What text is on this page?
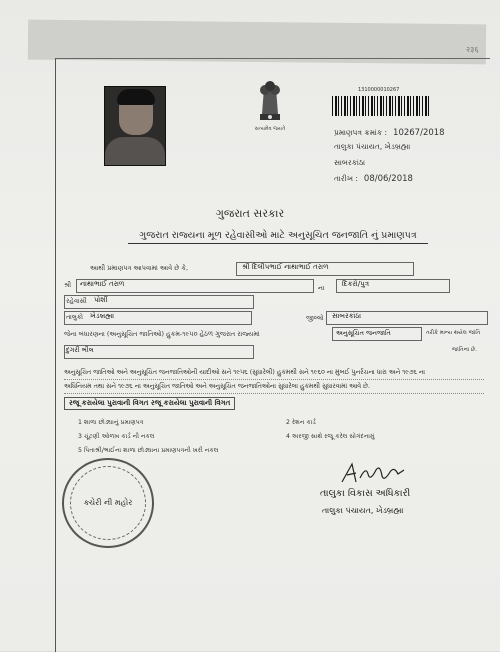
२३६
સત્યમેવ જયતે
1310000010267
પ્રમાણપત્ર ક્રમાંક : 10267/2018
તાલુકા પંચાયત, ખેડબ્રહ્મા
સાબરકાંઠા
તારીખ : 08/06/2018
ગુજરાત સરકાર
ગુજરાત રાજ્યના મૂળ રહેવાસીઓ માટે અનુસૂચિત જનજાતિ નું પ્રમાણપત્ર
આથી પ્રમાણપત્ર આપવામાં આવે છે કે,	શ્રી દિલીપભાઈ નાથાભાઈ તરાળ
શ્રી નાથાભાઈ તરાળ	ના	દિકરો/પુત્ર
રહેવાસી પોશીં
તાલુકો ખેડબ્રહ્મા	જીલ્લો સાબરકાંઠા
જેના બંધારણના (અનુસૂચિત જાતિઓ) હુકમ-૧૯૫૦ હેઠળ ગુજરાત રાજ્યમાં	અનુસૂચિત જનજાતિ	તરીકે માન્ય થયેલ જાતિ
દુંગરી ભીલ	જાતિના છે.
અનુસૂચિત જાતિઓ અને અનુસૂચિત જનજાતિઓની યાદીઓ સને ૧૯૫૬ (સુધારેલી) હુકમથી સને ૧૯૬૦ ના મુંબઈ પુનર્રચના ધારા અને ૧૯૭૬ ના
અધિનિયમ તથા સને ૧૯૭૬ ના અનુસૂચિત જાતિઓ અને અનુસૂચિત જનજાતિઓના સુધારેલા હુકમથી સુધારવામાં આવે છે.
રજૂ કરાયેલા પુરાવાની વિગત રજૂ કરાયેલા પુરાવાની વિગત
1 શાળા છોડ્યાનું પ્રમાણપત્ર	2 રેશન કાર્ડ
3 ચૂંટણી ઓળખ કાર્ડ ની નકલ	4 અરજી સાથે રજૂ કરેલ સોગંદનામું
5 પિતાશ્રી/ભાઈના શાળા છોડ્યાના પ્રમાણપત્રની ખરી નકલ
ક્ચેરી ની મહોર
તાલુકા વિકાસ અધિકારી
તાલુકા પંચાયત, ખેડબ્રહ્મા
